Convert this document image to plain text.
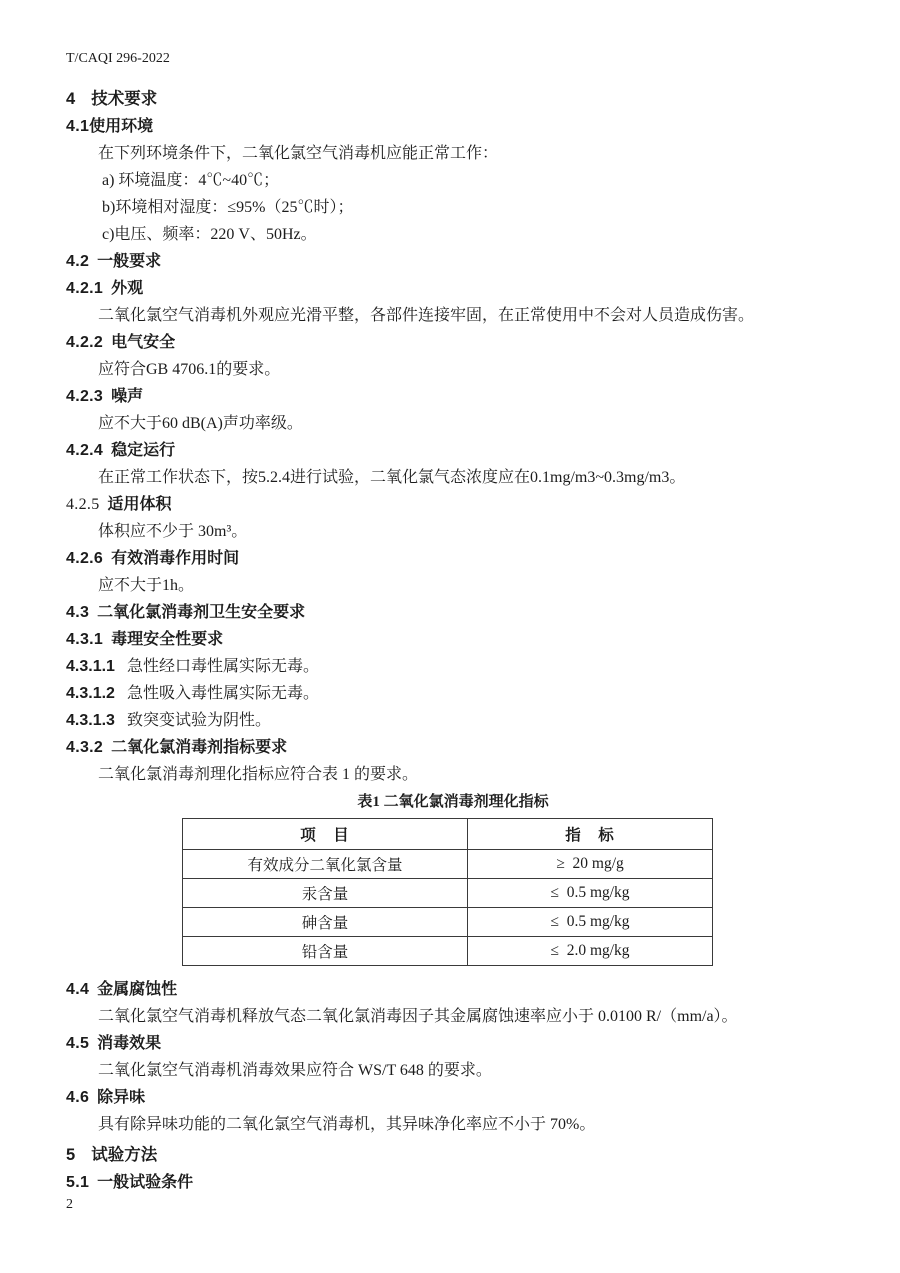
T/CAQI 296-2022
4 技术要求
4.1使用环境
在下列环境条件下，二氧化氯空气消毒机应能正常工作：
a) 环境温度：4℃~40℃；
b)环境相对湿度：≤95%（25℃时）；
c)电压、频率：220 V、50Hz。
4.2 一般要求
4.2.1 外观
二氧化氯空气消毒机外观应光滑平整，各部件连接牢固，在正常使用中不会对人员造成伤害。
4.2.2 电气安全
应符合GB 4706.1的要求。
4.2.3 噪声
应不大于60 dB(A)声功率级。
4.2.4 稳定运行
在正常工作状态下，按5.2.4进行试验，二氧化氯气态浓度应在0.1mg/m3~0.3mg/m3。
4.2.5 适用体积
体积应不少于 30m³。
4.2.6 有效消毒作用时间
应不大于1h。
4.3 二氧化氯消毒剂卫生安全要求
4.3.1 毒理安全性要求
4.3.1.1 急性经口毒性属实际无毒。
4.3.1.2 急性吸入毒性属实际无毒。
4.3.1.3 致突变试验为阴性。
4.3.2 二氧化氯消毒剂指标要求
二氧化氯消毒剂理化指标应符合表 1 的要求。
表1 二氧化氯消毒剂理化指标
项　目	指　标
有效成分二氧化氯含量	≥  20 mg/g
汞含量	≤  0.5 mg/kg
砷含量	≤  0.5 mg/kg
铅含量	≤  2.0 mg/kg
4.4 金属腐蚀性
二氧化氯空气消毒机释放气态二氧化氯消毒因子其金属腐蚀速率应小于 0.0100 R/（mm/a）。
4.5 消毒效果
二氧化氯空气消毒机消毒效果应符合 WS/T 648 的要求。
4.6 除异味
具有除异味功能的二氧化氯空气消毒机，其异味净化率应不小于 70%。
5 试验方法
5.1 一般试验条件
2
